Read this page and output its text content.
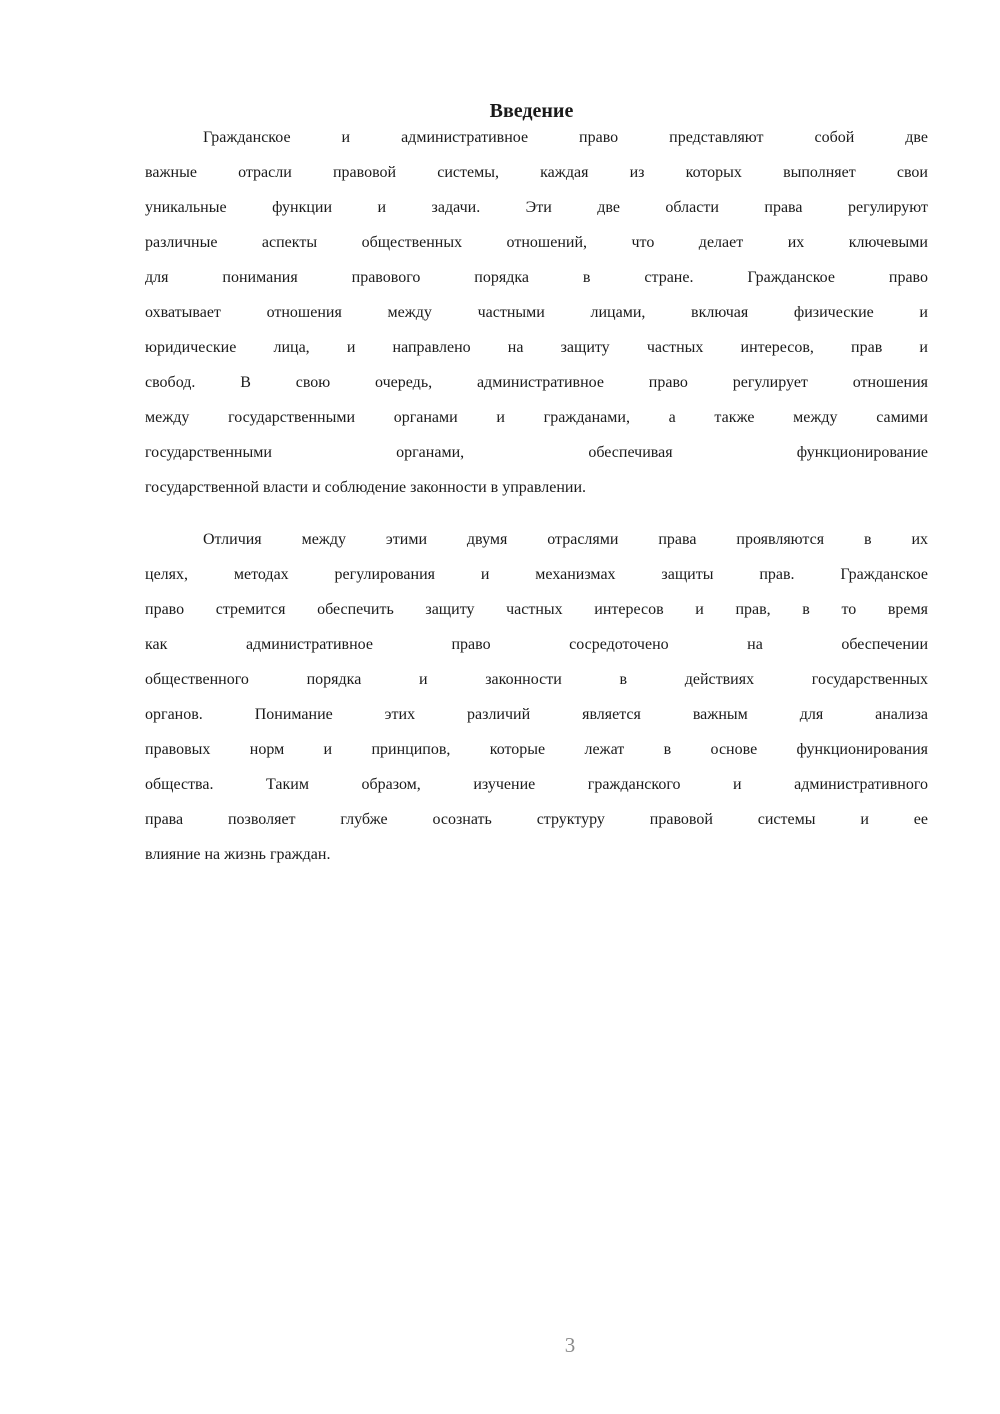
Введение
Гражданское и административное право представляют собой две
важные отрасли правовой системы, каждая из которых выполняет свои
уникальные функции и задачи. Эти две области права регулируют
различные аспекты общественных отношений, что делает их ключевыми
для понимания правового порядка в стране. Гражданское право
охватывает отношения между частными лицами, включая физические и
юридические лица, и направлено на защиту частных интересов, прав и
свобод. В свою очередь, административное право регулирует отношения
между государственными органами и гражданами, а также между самими
государственными органами, обеспечивая функционирование
государственной власти и соблюдение законности в управлении.
Отличия между этими двумя отраслями права проявляются в их
целях, методах регулирования и механизмах защиты прав. Гражданское
право стремится обеспечить защиту частных интересов и прав, в то время
как административное право сосредоточено на обеспечении
общественного порядка и законности в действиях государственных
органов. Понимание этих различий является важным для анализа
правовых норм и принципов, которые лежат в основе функционирования
общества. Таким образом, изучение гражданского и административного
права позволяет глубже осознать структуру правовой системы и ее
влияние на жизнь граждан.
3
